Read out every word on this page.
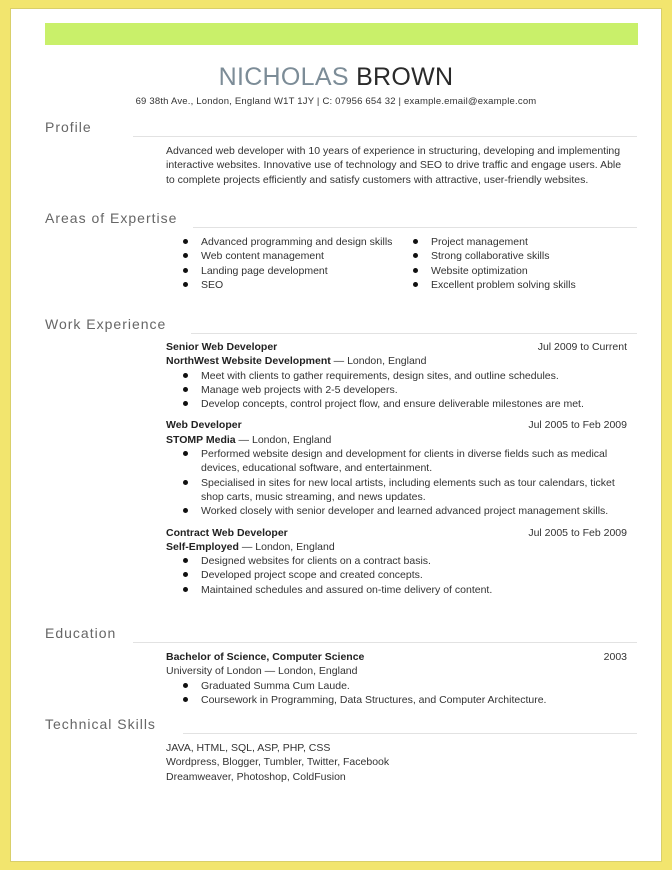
NICHOLAS BROWN
69 38th Ave., London, England W1T 1JY | C: 07956 654 32 | example.email@example.com
Profile

Advanced web developer with 10 years of experience in structuring, developing and implementing interactive websites. Innovative use of technology and SEO to drive traffic and engage users. Able to complete projects efficiently and satisfy customers with attractive, user-friendly websites.

Areas of Expertise
Advanced programming and design skills
Web content management
Landing page development
SEO
Project management
Strong collaborative skills
Website optimization
Excellent problem solving skills
Work Experience
Senior Web Developer	Jul 2009 to Current
NorthWest Website Development — London, England
Meet with clients to gather requirements, design sites, and outline schedules.
Manage web projects with 2-5 developers.
Develop concepts, control project flow, and ensure deliverable milestones are met.
Web Developer	Jul 2005 to Feb 2009
STOMP Media — London, England
Performed website design and development for clients in diverse fields such as medical devices, educational software, and entertainment.
Specialised in sites for new local artists, including elements such as tour calendars, ticket shop carts, music streaming, and news updates.
Worked closely with senior developer and learned advanced project management skills.
Contract Web Developer	Jul 2005 to Feb 2009
Self-Employed — London, England
Designed websites for clients on a contract basis.
Developed project scope and created concepts.
Maintained schedules and assured on-time delivery of content.
Education
Bachelor of Science, Computer Science	2003
University of London — London, England
Graduated Summa Cum Laude.
Coursework in Programming, Data Structures, and Computer Architecture.
Technical Skills

JAVA, HTML, SQL, ASP, PHP, CSS

Wordpress, Blogger, Tumbler, Twitter, Facebook

Dreamweaver, Photoshop, ColdFusion
